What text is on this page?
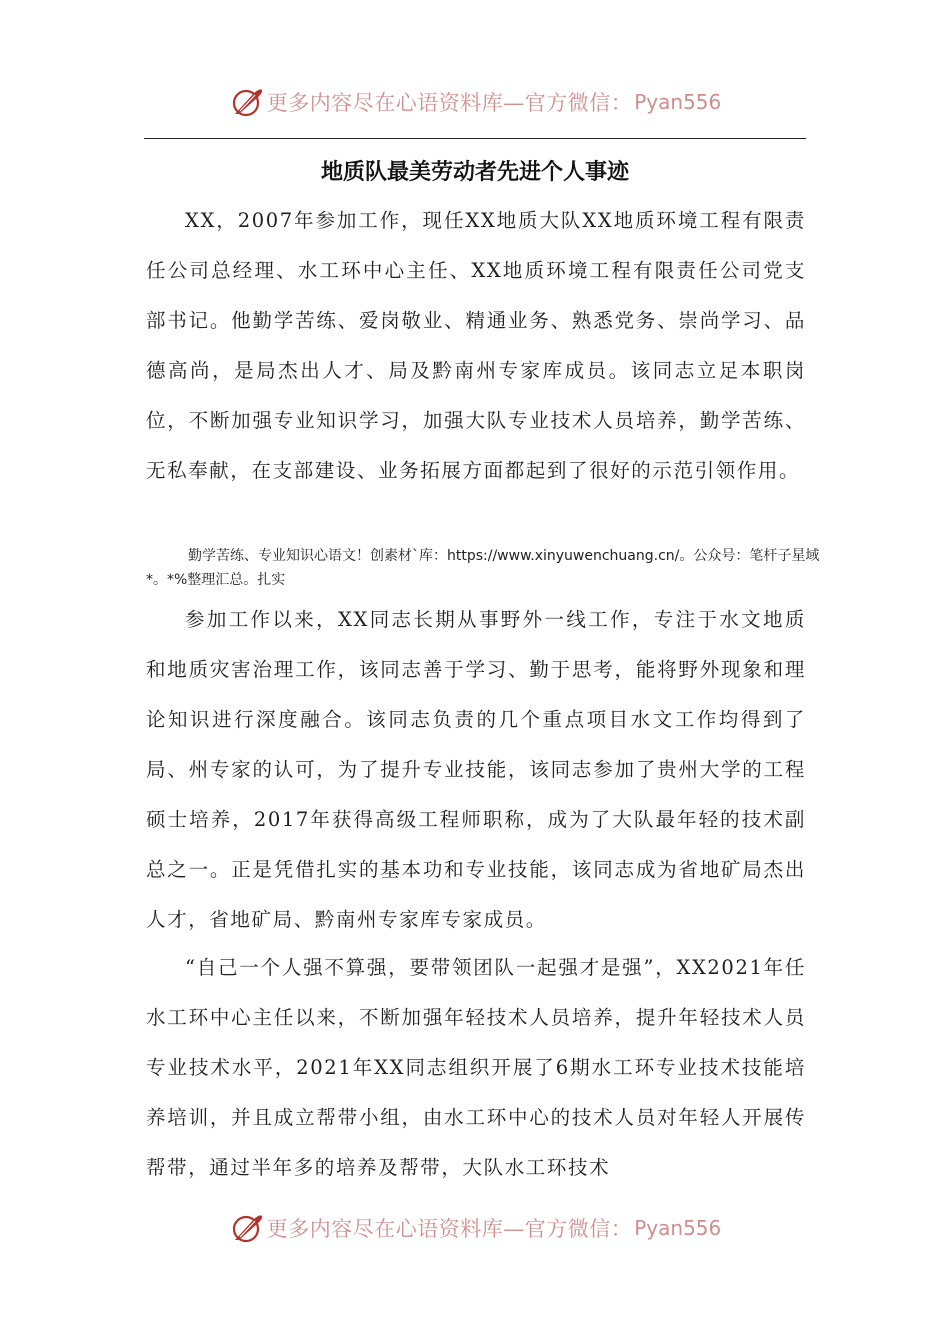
更多内容尽在心语资料库—官方微信： Pyan556
地质队最美劳动者先进个人事迹

XX，2007年参加工作，现任XX地质大队XX地质环境工程有限责任公司总经理、水工环中心主任、XX地质环境工程有限责任公司党支部书记。他勤学苦练、爱岗敬业、精通业务、熟悉党务、崇尚学习、品德高尚，是局杰出人才、局及黔南州专家库成员。该同志立足本职岗位，不断加强专业知识学习，加强大队专业技术人员培养，勤学苦练、无私奉献，在支部建设、业务拓展方面都起到了很好的示范引领作用。

勤学苦练、专业知识心语文！创素材`库：https://www.xinyuwenchuang.cn/。公众号：笔杆子星域*。*%整理汇总。扎实

参加工作以来，XX同志长期从事野外一线工作，专注于水文地质和地质灾害治理工作，该同志善于学习、勤于思考，能将野外现象和理论知识进行深度融合。该同志负责的几个重点项目水文工作均得到了局、州专家的认可，为了提升专业技能，该同志参加了贵州大学的工程硕士培养，2017年获得高级工程师职称，成为了大队最年轻的技术副总之一。正是凭借扎实的基本功和专业技能，该同志成为省地矿局杰出人才，省地矿局、黔南州专家库专家成员。

“自己一个人强不算强，要带领团队一起强才是强”，XX2021年任水工环中心主任以来，不断加强年轻技术人员培养，提升年轻技术人员专业技术水平，2021年XX同志组织开展了6期水工环专业技术技能培养培训，并且成立帮带小组，由水工环中心的技术人员对年轻人开展传帮带，通过半年多的培养及帮带，大队水工环技术

更多内容尽在心语资料库—官方微信： Pyan556
